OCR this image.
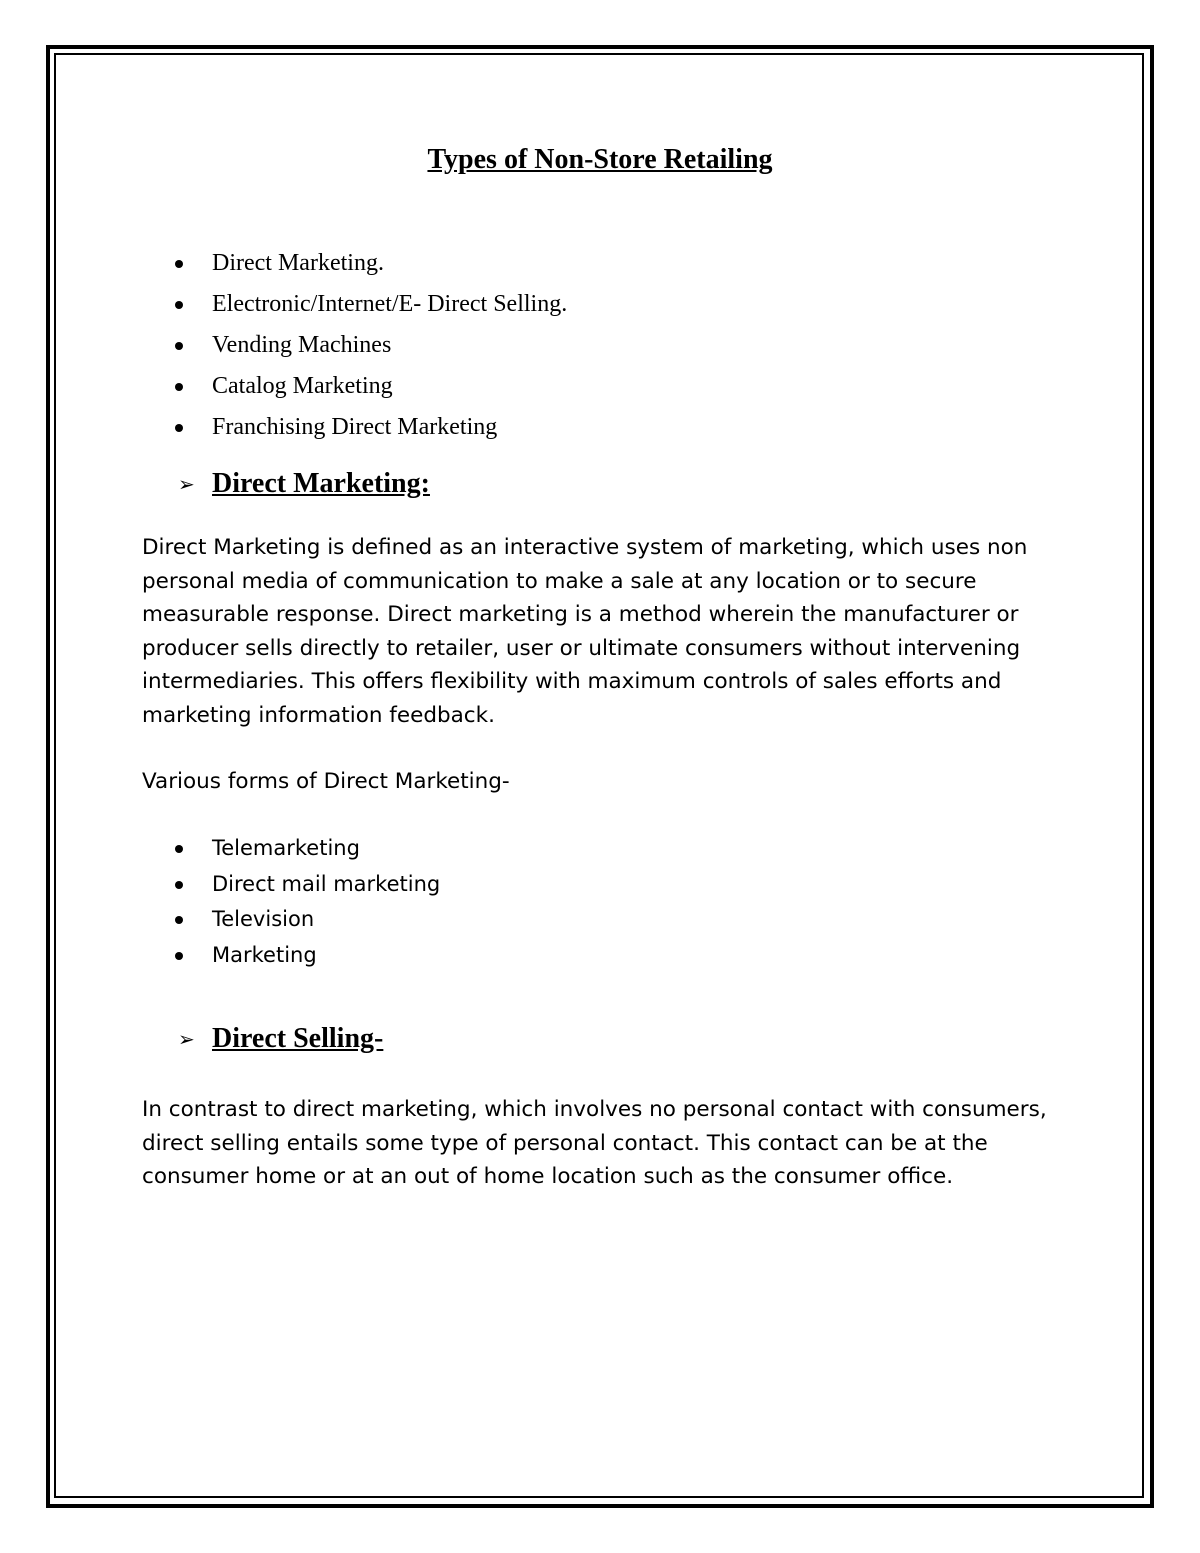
Types of Non-Store Retailing
Direct Marketing.
Electronic/Internet/E- Direct Selling.
Vending Machines
Catalog Marketing
Franchising Direct Marketing
➢ Direct Marketing:

Direct Marketing is defined as an interactive system of marketing, which uses non personal media of communication to make a sale at any location or to secure measurable response. Direct marketing is a method wherein the manufacturer or producer sells directly to retailer, user or ultimate consumers without intervening intermediaries. This offers flexibility with maximum controls of sales efforts and marketing information feedback.

Various forms of Direct Marketing-

Telemarketing
Direct mail marketing
Television
Marketing
➢ Direct Selling-

In contrast to direct marketing, which involves no personal contact with consumers, direct selling entails some type of personal contact. This contact can be at the consumer home or at an out of home location such as the consumer office.
